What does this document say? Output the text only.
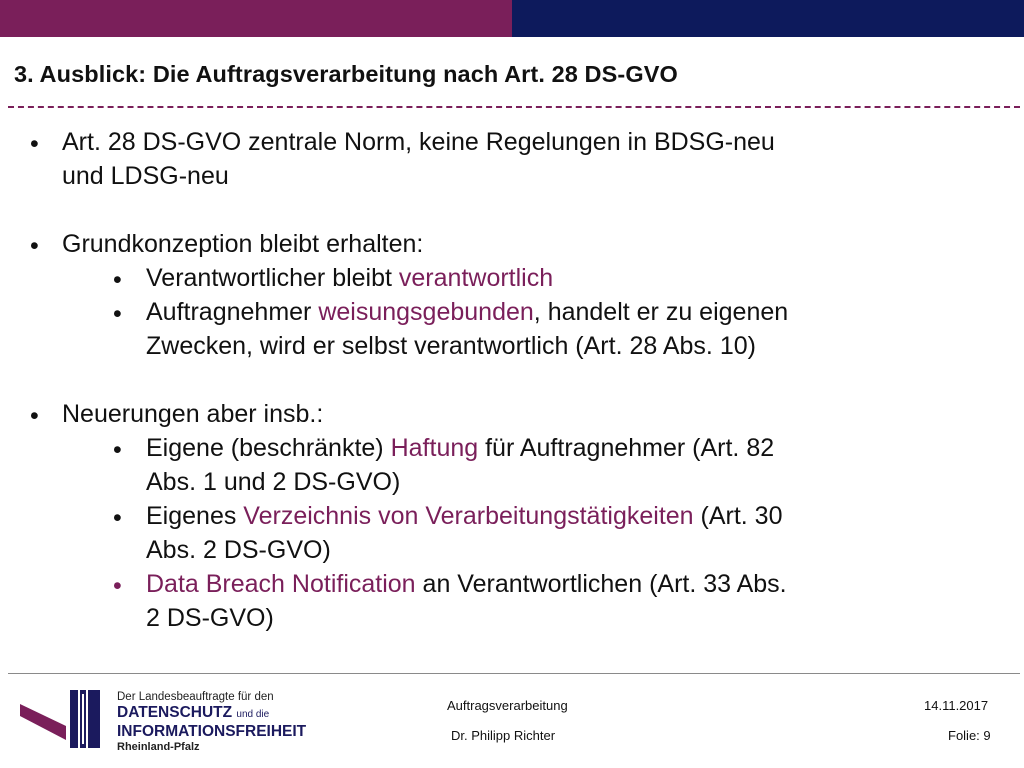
3. Ausblick: Die Auftragsverarbeitung nach Art. 28 DS-GVO
• Art. 28 DS-GVO zentrale Norm, keine Regelungen in BDSG-neu
und LDSG-neu
• Grundkonzeption bleibt erhalten:
• Verantwortlicher bleibt verantwortlich
• Auftragnehmer weisungsgebunden, handelt er zu eigenen
Zwecken, wird er selbst verantwortlich (Art. 28 Abs. 10)
• Neuerungen aber insb.:
• Eigene (beschränkte) Haftung für Auftragnehmer (Art. 82
Abs. 1 und 2 DS-GVO)
• Eigenes Verzeichnis von Verarbeitungstätigkeiten (Art. 30
Abs. 2 DS-GVO)
• Data Breach Notification an Verantwortlichen (Art. 33 Abs.
2 DS-GVO)
Der Landesbeauftragte für den
DATENSCHUTZ und die
INFORMATIONSFREIHEIT
Rheinland-Pfalz
Auftragsverarbeitung
Dr. Philipp Richter
14.11.2017
Folie: 9
